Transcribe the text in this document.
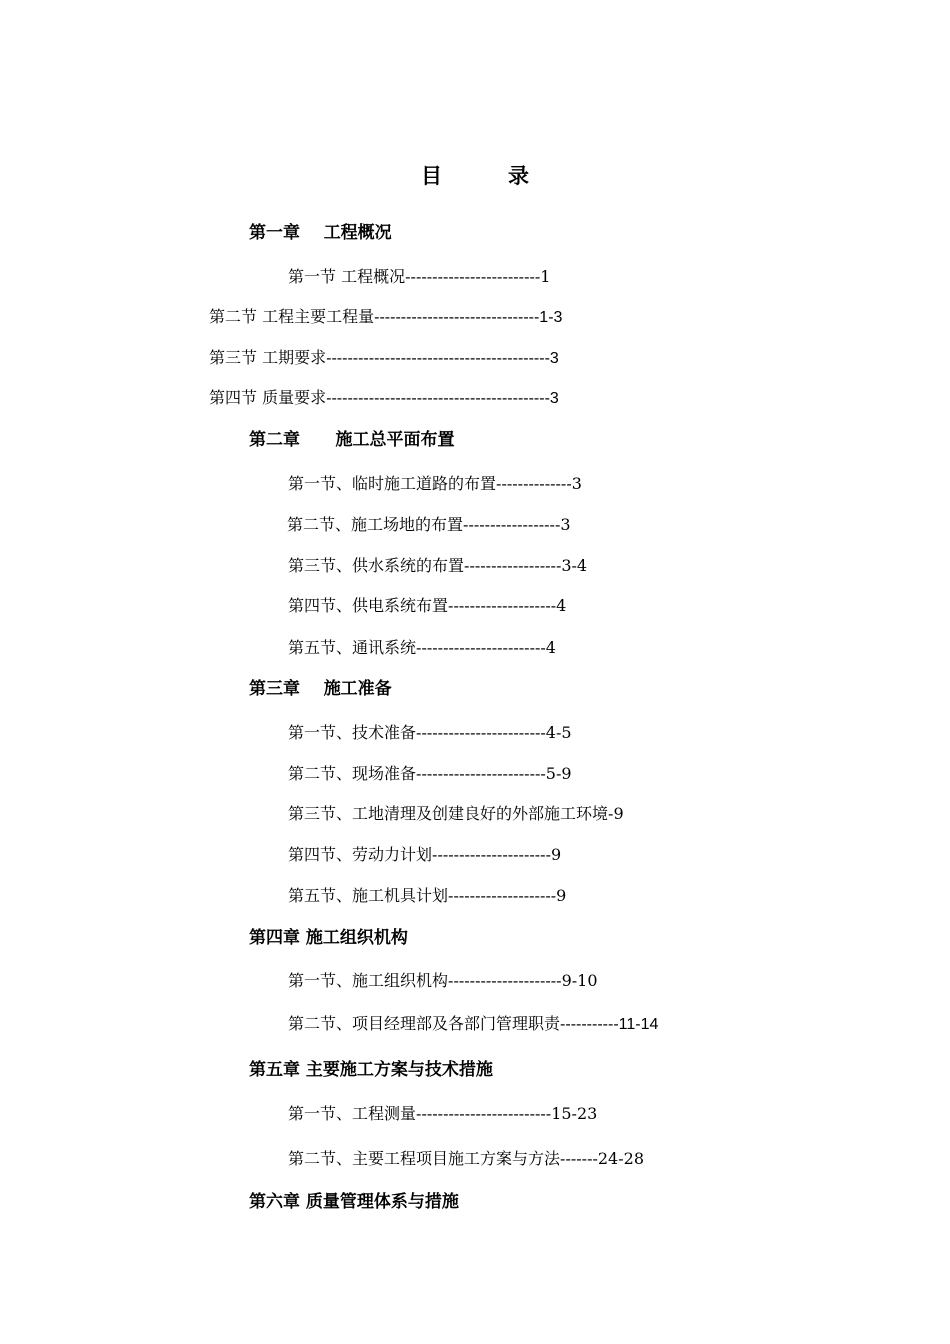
目	录
第一章 工程概况
第一节 工程概况-------------------------1
第二节 工程主要工程量-------------------------------1-3
第三节 工期要求------------------------------------------3
第四节 质量要求------------------------------------------3
第二章 施工总平面布置
第一节、临时施工道路的布置--------------3
第二节、施工场地的布置------------------3
第三节、供水系统的布置------------------3-4
第四节、供电系统布置--------------------4
第五节、通讯系统------------------------4
第三章 施工准备
第一节、技术准备------------------------4-5
第二节、现场准备------------------------5-9
第三节、工地清理及创建良好的外部施工环境-9
第四节、劳动力计划----------------------9
第五节、施工机具计划--------------------9
第四章 施工组织机构
第一节、施工组织机构---------------------9-10
第二节、项目经理部及各部门管理职责-----------11-14
第五章 主要施工方案与技术措施
第一节、工程测量-------------------------15-23
第二节、主要工程项目施工方案与方法-------24-28
第六章 质量管理体系与措施
